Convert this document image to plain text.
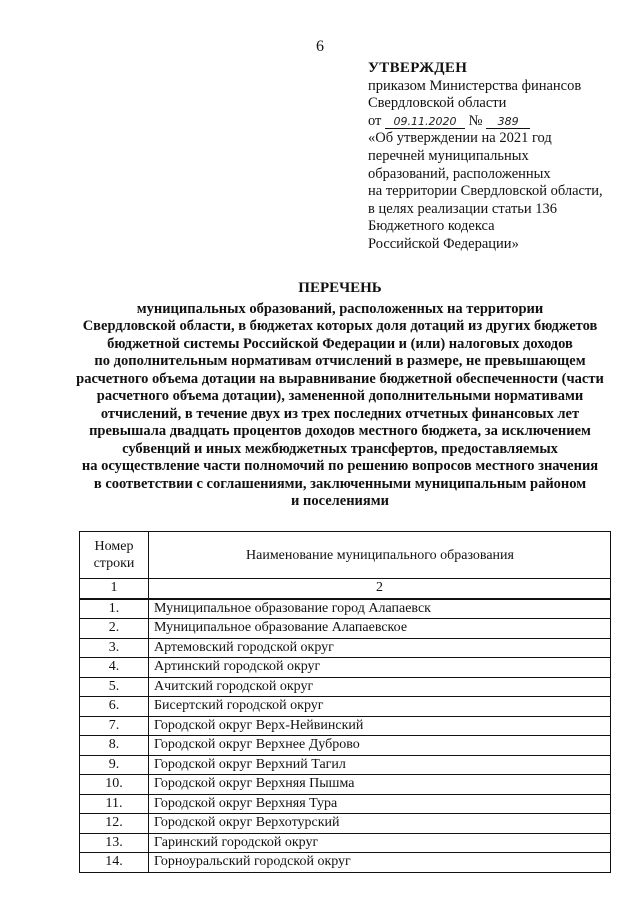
6
УТВЕРЖДЕН
приказом Министерства финансов
Свердловской области
от 09.11.2020 № 389
«Об утверждении на 2021 год
перечней муниципальных
образований, расположенных
на территории Свердловской области,
в целях реализации статьи 136
Бюджетного кодекса
Российской Федерации»
ПЕРЕЧЕНЬ
муниципальных образований, расположенных на территории
Свердловской области, в бюджетах которых доля дотаций из других бюджетов
бюджетной системы Российской Федерации и (или) налоговых доходов
по дополнительным нормативам отчислений в размере, не превышающем
расчетного объема дотации на выравнивание бюджетной обеспеченности (части
расчетного объема дотации), замененной дополнительными нормативами
отчислений, в течение двух из трех последних отчетных финансовых лет
превышала двадцать процентов доходов местного бюджета, за исключением
субвенций и иных межбюджетных трансфертов, предоставляемых
на осуществление части полномочий по решению вопросов местного значения
в соответствии с соглашениями, заключенными муниципальным районом
и поселениями
Номер
строки	Наименование муниципального образования
1	2
1.	Муниципальное образование город Алапаевск
2.	Муниципальное образование Алапаевское
3.	Артемовский городской округ
4.	Артинский городской округ
5.	Ачитский городской округ
6.	Бисертский городской округ
7.	Городской округ Верх-Нейвинский
8.	Городской округ Верхнее Дуброво
9.	Городской округ Верхний Тагил
10.	Городской округ Верхняя Пышма
11.	Городской округ Верхняя Тура
12.	Городской округ Верхотурский
13.	Гаринский городской округ
14.	Горноуральский городской округ
